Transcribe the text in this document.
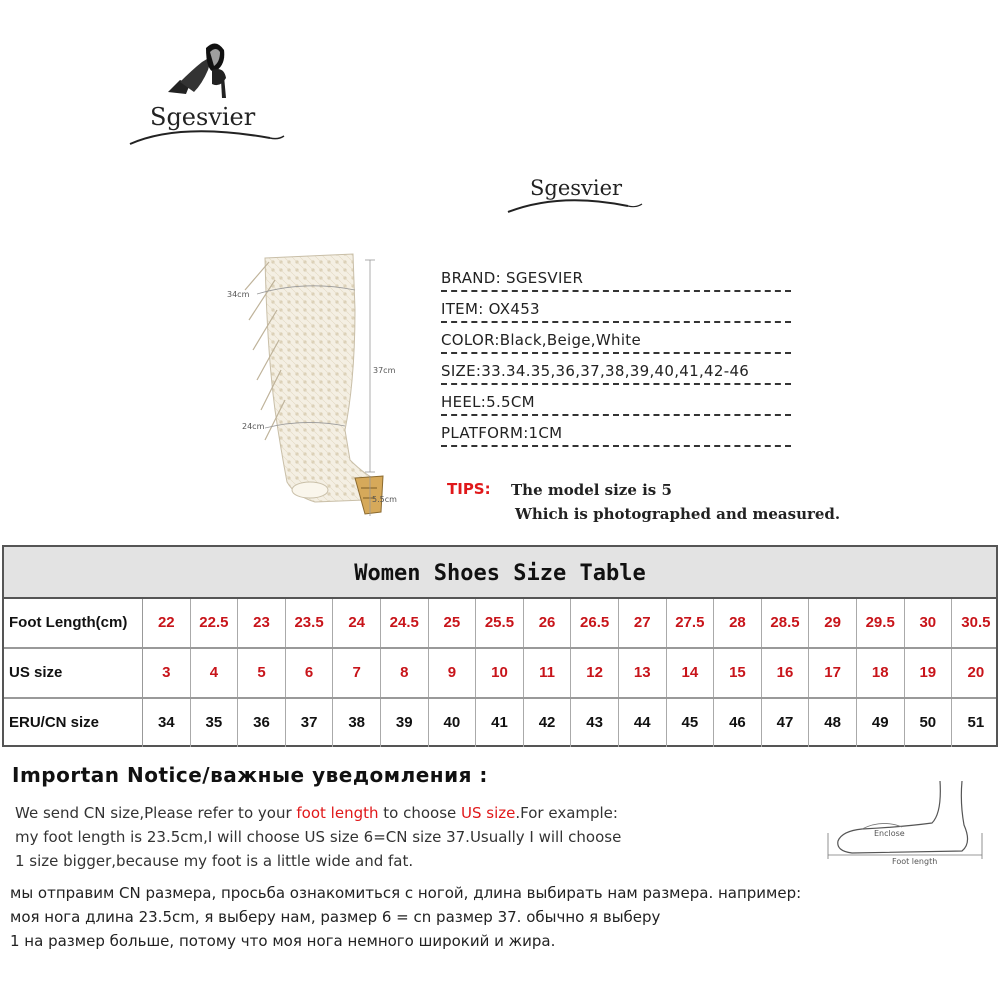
Sgesvier
Sgesvier
34cm
37cm
24cm
5.5cm
BRAND: SGESVIER
ITEM: OX453
COLOR:Black,Beige,White
SIZE:33.34.35,36,37,38,39,40,41,42-46
HEEL:5.5CM
PLATFORM:1CM
TIPS: The model size is 5
Which is photographed and measured.
Women Shoes Size Table
Foot Length(cm)	22	22.5	23	23.5	24	24.5	25	25.5	26	26.5	27	27.5	28	28.5	29	29.5	30	30.5
US size	3	4	5	6	7	8	9	10	11	12	13	14	15	16	17	18	19	20
ERU/CN size	34	35	36	37	38	39	40	41	42	43	44	45	46	47	48	49	50	51
Importan Notice/важные уведомления :
We send CN size,Please refer to your foot length to choose US size.For example:
my foot length is 23.5cm,I will choose US size 6=CN size 37.Usually I will choose
1 size bigger,because my foot is a little wide and fat.
мы отправим CN размера, просьба ознакомиться с ногой, длина выбирать нам размера. например:
моя нога длина 23.5cm, я выберу нам, размер 6 = cn размер 37. обычно я выберу
1 на размер больше, потому что моя нога немного широкий и жира.
Enclose
Foot length
